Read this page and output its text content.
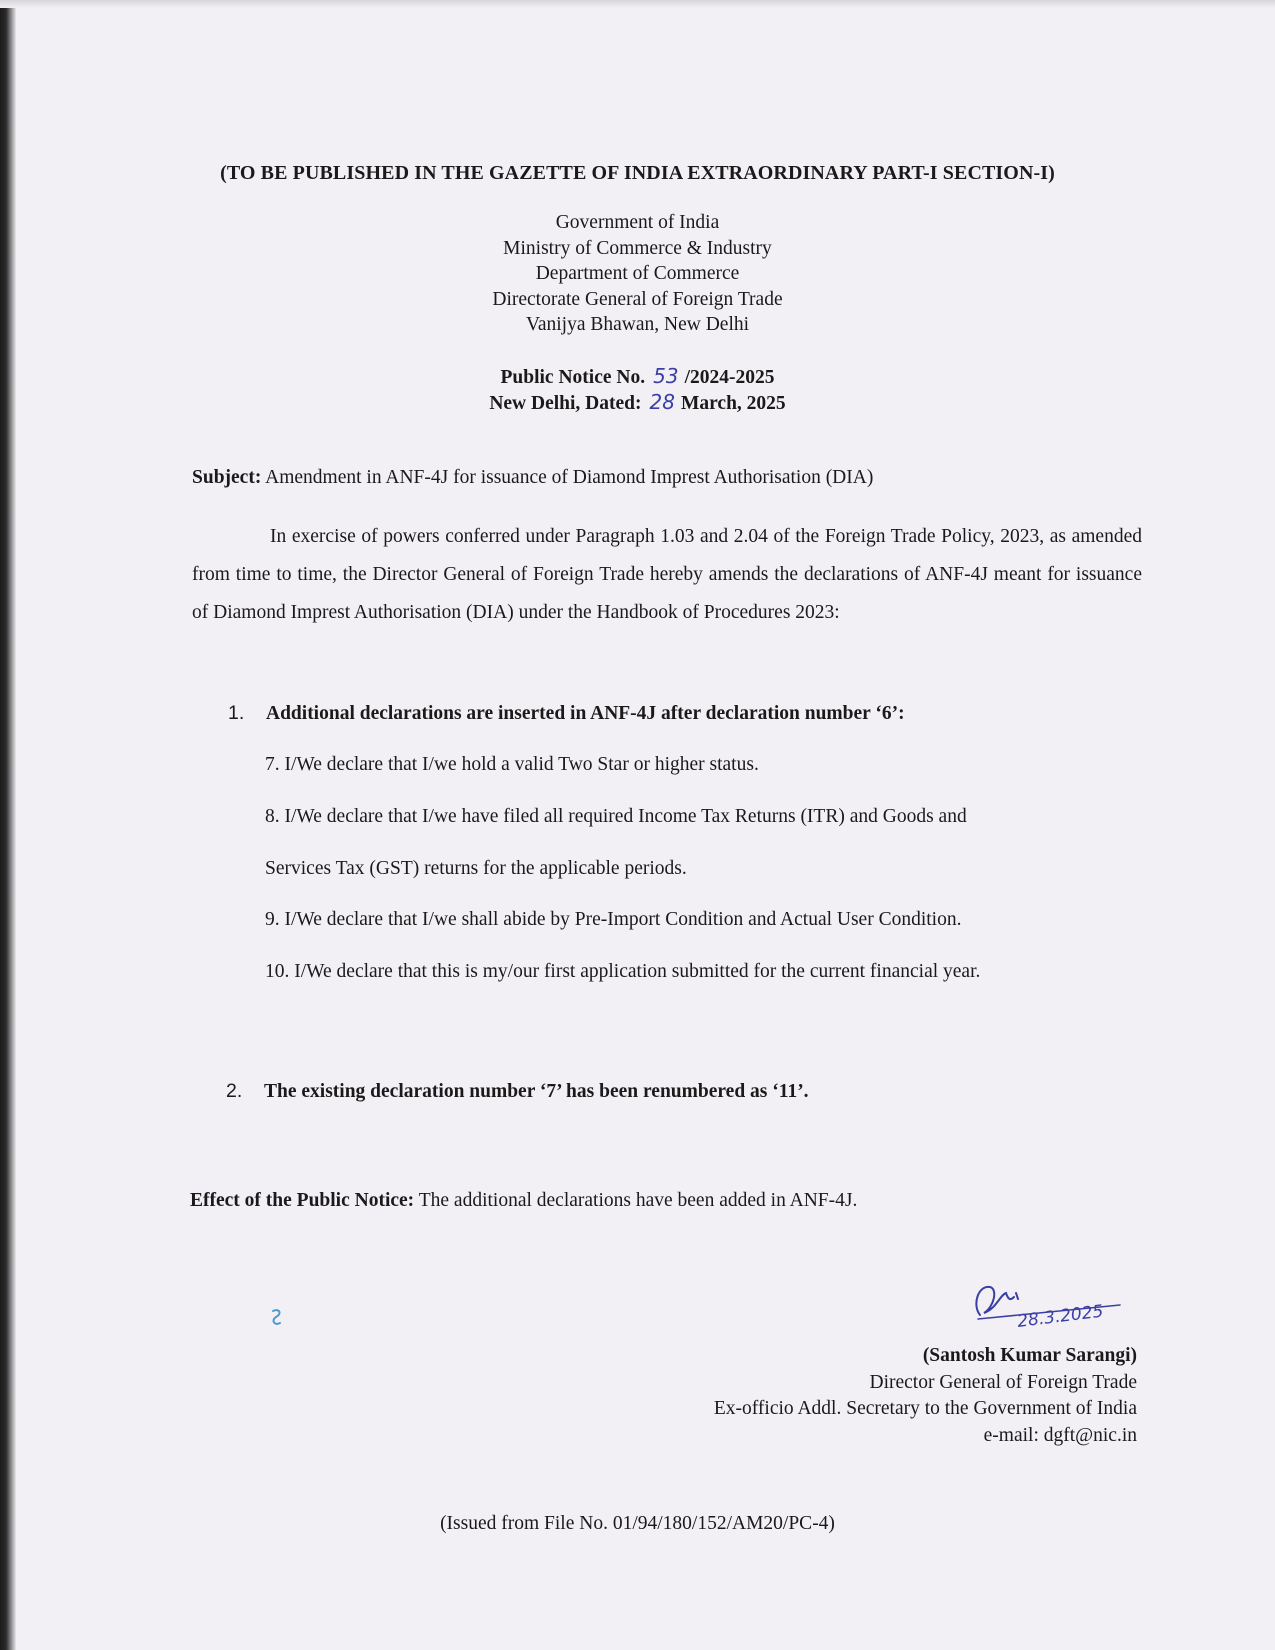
(TO BE PUBLISHED IN THE GAZETTE OF INDIA EXTRAORDINARY PART-I SECTION-I)
Government of India
Ministry of Commerce & Industry
Department of Commerce
Directorate General of Foreign Trade
Vanijya Bhawan, New Delhi
Public Notice No. 53 /2024-2025
New Delhi, Dated: 28 March, 2025
Subject: Amendment in ANF-4J for issuance of Diamond Imprest Authorisation (DIA)
In exercise of powers conferred under Paragraph 1.03 and 2.04 of the Foreign Trade Policy, 2023, as amended from time to time, the Director General of Foreign Trade hereby amends the declarations of ANF-4J meant for issuance of Diamond Imprest Authorisation (DIA) under the Handbook of Procedures 2023:
1. Additional declarations are inserted in ANF-4J after declaration number ‘6’:
7. I/We declare that I/we hold a valid Two Star or higher status.
8. I/We declare that I/we have filed all required Income Tax Returns (ITR) and Goods and
Services Tax (GST) returns for the applicable periods.
9. I/We declare that I/we shall abide by Pre-Import Condition and Actual User Condition.
10. I/We declare that this is my/our first application submitted for the current financial year.
2. The existing declaration number ‘7’ has been renumbered as ‘11’.
Effect of the Public Notice: The additional declarations have been added in ANF-4J.
28.3.2025
(Santosh Kumar Sarangi)
Director General of Foreign Trade
Ex-officio Addl. Secretary to the Government of India
e-mail: dgft@nic.in
(Issued from File No. 01/94/180/152/AM20/PC-4)
